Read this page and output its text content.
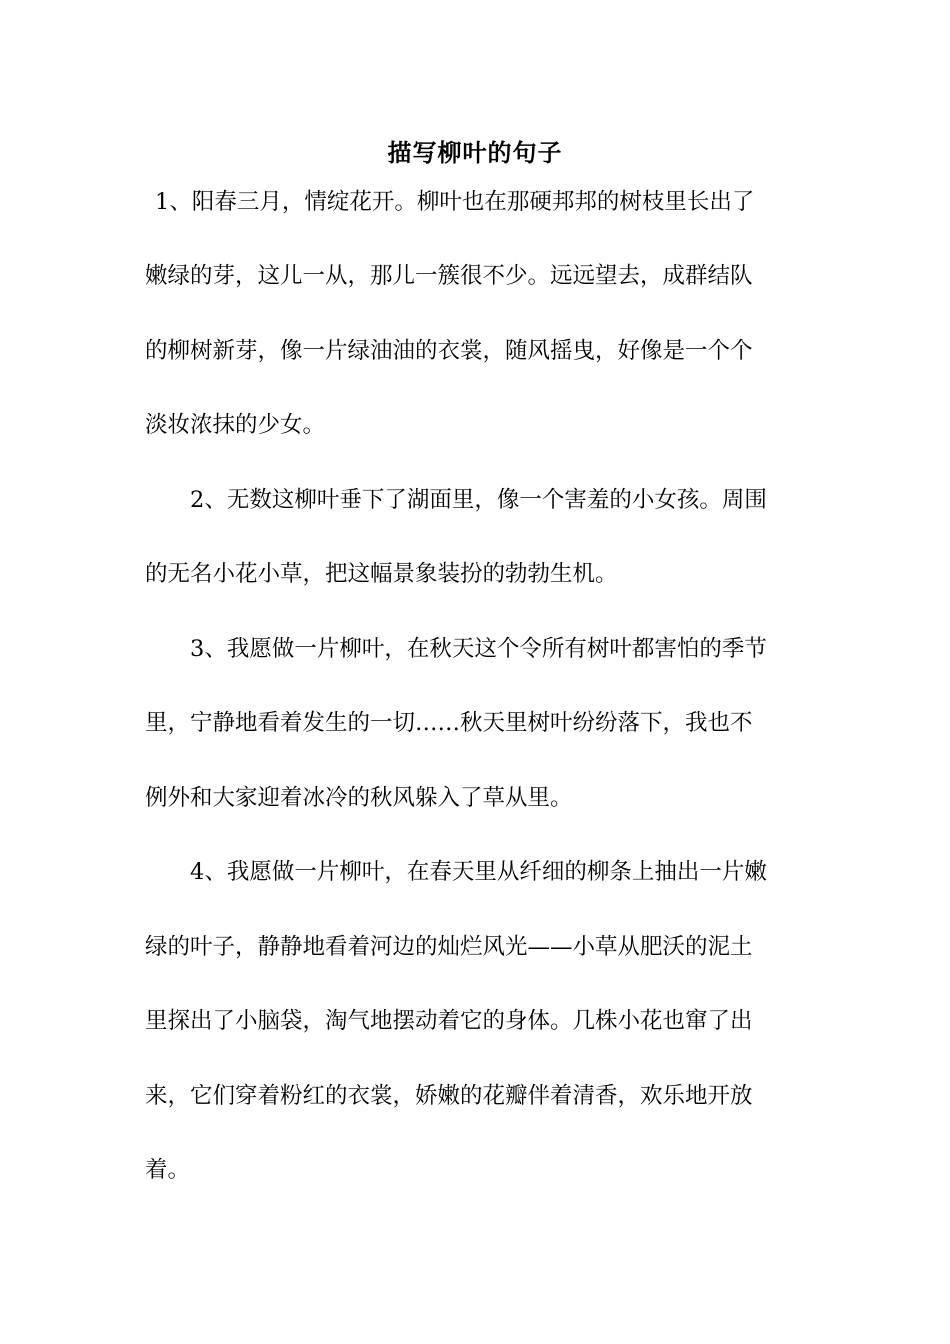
描写柳叶的句子
1、阳春三月，情绽花开。柳叶也在那硬邦邦的树枝里长出了
嫩绿的芽，这儿一从，那儿一簇很不少。远远望去，成群结队
的柳树新芽，像一片绿油油的衣裳，随风摇曳，好像是一个个
淡妆浓抹的少女。
2、无数这柳叶垂下了湖面里，像一个害羞的小女孩。周围
的无名小花小草，把这幅景象装扮的勃勃生机。
3、我愿做一片柳叶，在秋天这个令所有树叶都害怕的季节
里，宁静地看着发生的一切……秋天里树叶纷纷落下，我也不
例外和大家迎着冰冷的秋风躲入了草从里。
4、我愿做一片柳叶，在春天里从纤细的柳条上抽出一片嫩
绿的叶子，静静地看着河边的灿烂风光——小草从肥沃的泥土
里探出了小脑袋，淘气地摆动着它的身体。几株小花也窜了出
来，它们穿着粉红的衣裳，娇嫩的花瓣伴着清香，欢乐地开放
着。
